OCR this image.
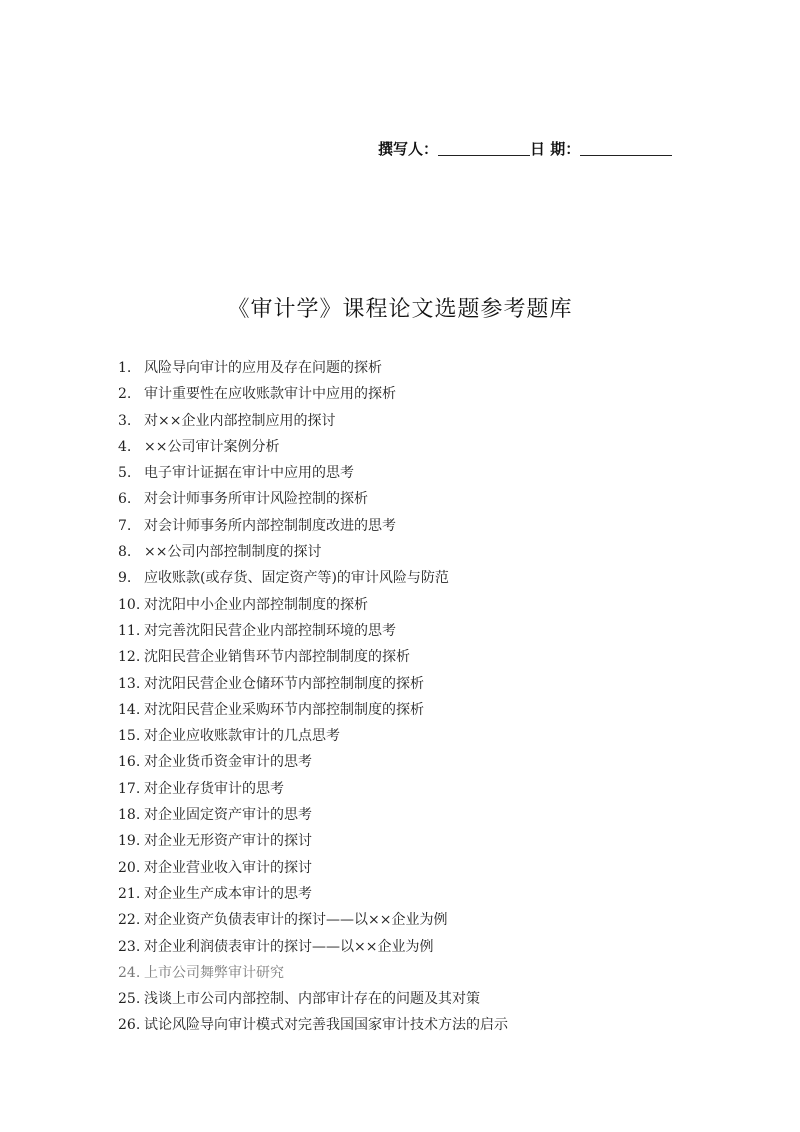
撰写人：	日 期：
《审计学》课程论文选题参考题库
1. 风险导向审计的应用及存在问题的探析
2. 审计重要性在应收账款审计中应用的探析
3. 对××企业内部控制应用的探讨
4. ××公司审计案例分析
5. 电子审计证据在审计中应用的思考
6. 对会计师事务所审计风险控制的探析
7. 对会计师事务所内部控制制度改进的思考
8. ××公司内部控制制度的探讨
9. 应收账款(或存货、固定资产等)的审计风险与防范
10. 对沈阳中小企业内部控制制度的探析
11. 对完善沈阳民营企业内部控制环境的思考
12. 沈阳民营企业销售环节内部控制制度的探析
13. 对沈阳民营企业仓储环节内部控制制度的探析
14. 对沈阳民营企业采购环节内部控制制度的探析
15. 对企业应收账款审计的几点思考
16. 对企业货币资金审计的思考
17. 对企业存货审计的思考
18. 对企业固定资产审计的思考
19. 对企业无形资产审计的探讨
20. 对企业营业收入审计的探讨
21. 对企业生产成本审计的思考
22. 对企业资产负债表审计的探讨——以××企业为例
23. 对企业利润债表审计的探讨——以××企业为例
24. 上市公司舞弊审计研究
25. 浅谈上市公司内部控制、内部审计存在的问题及其对策
26. 试论风险导向审计模式对完善我国国家审计技术方法的启示
